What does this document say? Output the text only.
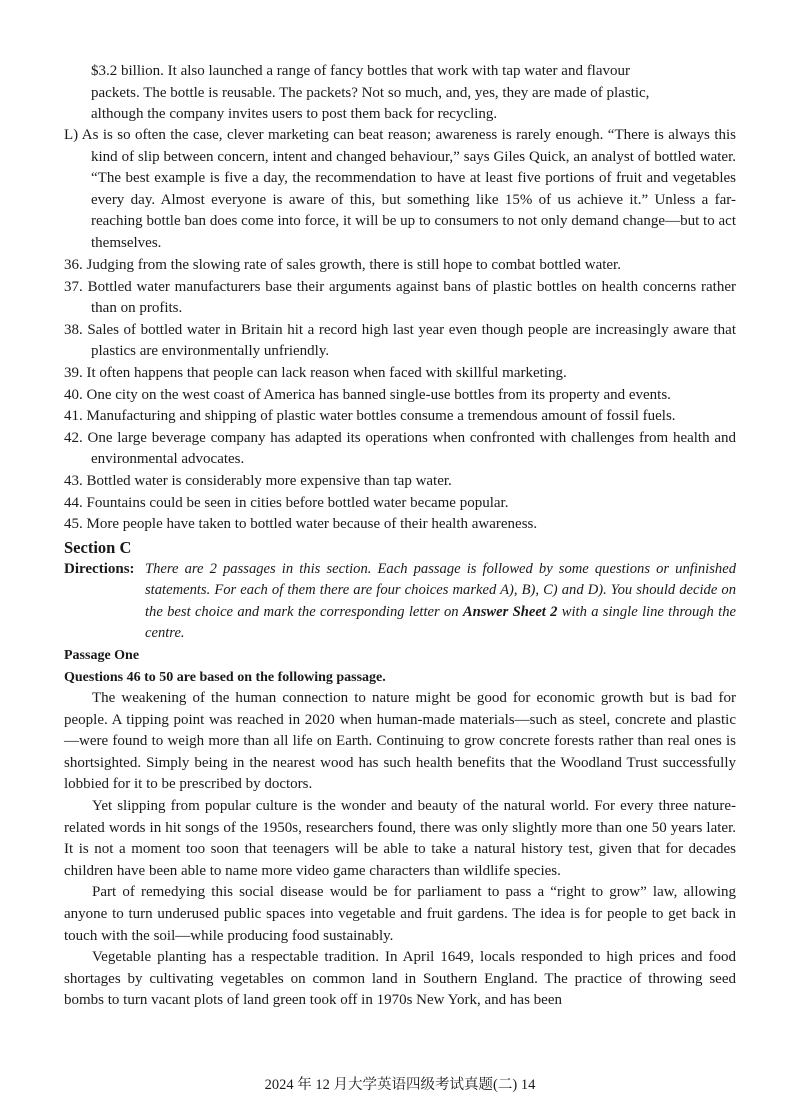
$3.2 billion. It also launched a range of fancy bottles that work with tap water and flavour

packets. The bottle is reusable. The packets? Not so much, and, yes, they are made of plastic,

although the company invites users to post them back for recycling.

L) As is so often the case, clever marketing can beat reason; awareness is rarely enough. “There is always this kind of slip between concern, intent and changed behaviour,” says Giles Quick, an analyst of bottled water. “The best example is five a day, the recommendation to have at least five portions of fruit and vegetables every day. Almost everyone is aware of this, but something like 15% of us achieve it.” Unless a far-reaching bottle ban does come into force, it will be up to consumers to not only demand change—but to act themselves.

36. Judging from the slowing rate of sales growth, there is still hope to combat bottled water.

37. Bottled water manufacturers base their arguments against bans of plastic bottles on health concerns rather than on profits.

38. Sales of bottled water in Britain hit a record high last year even though people are increasingly aware that plastics are environmentally unfriendly.

39. It often happens that people can lack reason when faced with skillful marketing.

40. One city on the west coast of America has banned single-use bottles from its property and events.

41. Manufacturing and shipping of plastic water bottles consume a tremendous amount of fossil fuels.

42. One large beverage company has adapted its operations when confronted with challenges from health and environmental advocates.

43. Bottled water is considerably more expensive than tap water.

44. Fountains could be seen in cities before bottled water became popular.

45. More people have taken to bottled water because of their health awareness.

Section C

Directions: There are 2 passages in this section. Each passage is followed by some questions or unfinished statements. For each of them there are four choices marked A), B), C) and D). You should decide on the best choice and mark the corresponding letter on Answer Sheet 2 with a single line through the centre.

Passage One

Questions 46 to 50 are based on the following passage.

The weakening of the human connection to nature might be good for economic growth but is bad for people. A tipping point was reached in 2020 when human-made materials—such as steel, concrete and plastic—were found to weigh more than all life on Earth. Continuing to grow concrete forests rather than real ones is shortsighted. Simply being in the nearest wood has such health benefits that the Woodland Trust successfully lobbied for it to be prescribed by doctors.

Yet slipping from popular culture is the wonder and beauty of the natural world. For every three nature-related words in hit songs of the 1950s, researchers found, there was only slightly more than one 50 years later. It is not a moment too soon that teenagers will be able to take a natural history test, given that for decades children have been able to name more video game characters than wildlife species.

Part of remedying this social disease would be for parliament to pass a “right to grow” law, allowing anyone to turn underused public spaces into vegetable and fruit gardens. The idea is for people to get back in touch with the soil—while producing food sustainably.

Vegetable planting has a respectable tradition. In April 1649, locals responded to high prices and food shortages by cultivating vegetables on common land in Southern England. The practice of throwing seed bombs to turn vacant plots of land green took off in 1970s New York, and has been

2024 年 12 月大学英语四级考试真题(二) 14
